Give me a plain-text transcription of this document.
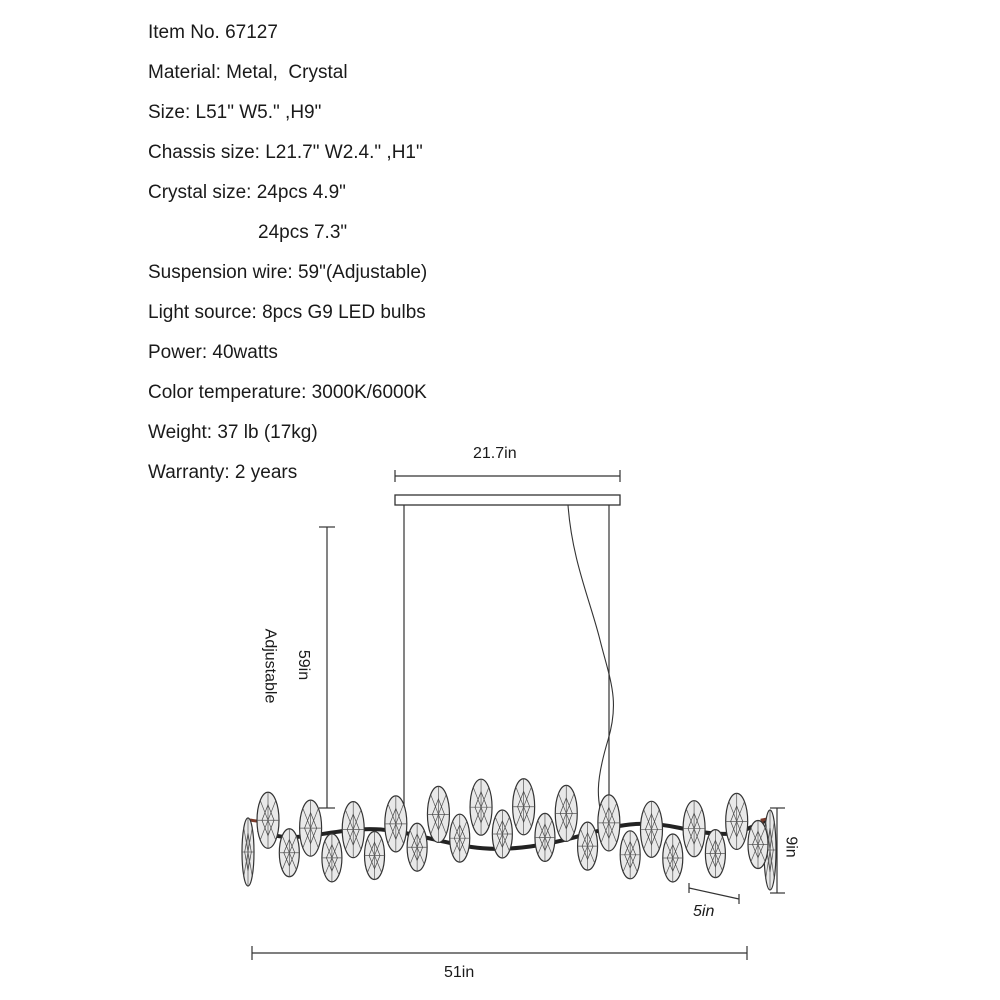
Item No. 67127
Material: Metal,  Crystal
Size: L51" W5." ,H9"
Chassis size: L21.7" W2.4." ,H1"
Crystal size: 24pcs 4.9"
24pcs 7.3"
Suspension wire: 59"(Adjustable)
Light source: 8pcs G9 LED bulbs
Power: 40watts
Color temperature: 3000K/6000K
Weight: 37 lb (17kg)
Warranty: 2 years
21.7in
59in
Adjustable
9in
5in
51in
